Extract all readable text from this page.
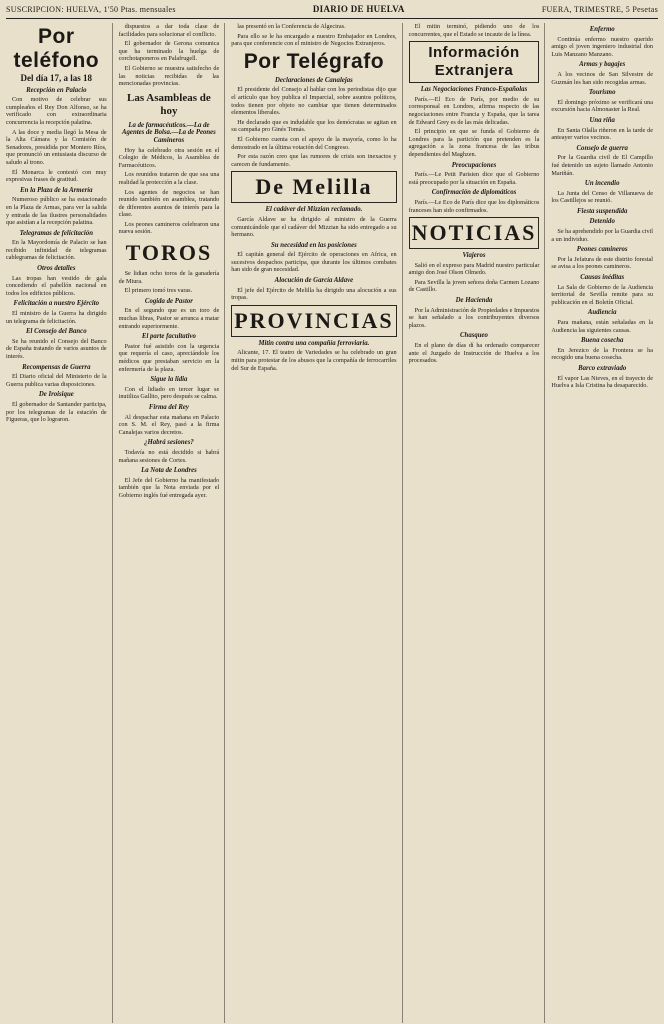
SUSCRIPCION: HUELVA, 1'50 Ptas. mensuales	DIARIO DE HUELVA	FUERA, TRIMESTRE, 5 Pesetas
Por teléfono
Del día 17, a las 18
Recepción en Palacio

Con motivo de celebrar sus cumpleaños el Rey Don Alfonso, se ha verificado con extraordinaria concurrencia la recepción palatina.

A las doce y media llegó la Mesa de la Alta Cámara y la Comisión de Senadores, presidida por Montero Ríos, que pronunció un entusiasta discurso de saludo al trono.

El Monarca le contestó con muy expresivas frases de gratitud.

En la Plaza de la Armería

Numeroso público se ha estacionado en la Plaza de Armas, para ver la salida y entrada de las ilustres personalidades que asistían a la recepción palatina.

Telegramas de felicitación

En la Mayordomía de Palacio se han recibido infinidad de telegramas cablegramas de felicitación.

Otros detalles

Las tropas han vestido de gala concediendo el pabellón nacional en todos los edificios públicos.

Felicitación a nuestro Ejército

El ministro de la Guerra ha dirigido un telegrama de felicitación.

El Consejo del Banco

Se ha reunido el Consejo del Banco de España tratando de varios asuntos de interés.

Recompensas de Guerra

El Diario oficial del Ministerio de la Guerra publica varias disposiciones.

De Iroisique

El gobernador de Santander participa, por los telegramas de la estación de Figueras, que lo lograron.

dispuestos a dar toda clase de facilidades para solucionar el conflicto.

El gobernador de Gerona comunica que ha terminado la huelga de corchotaponeros en Palafrugell.

El Gobierno se muestra satisfecho de las noticias recibidas de las mencionadas provincias.

Las Asambleas de hoy
La de farmacéuticos.—La de Agentes de Bolsa.—La de Peones Camineros

Hoy ha celebrado otra sesión en el Colegio de Médicos, la Asamblea de Farmacéuticos.

Los reunidos trataron de que sea una realidad la protección a la clase.

Los agentes de negocios se han reunido también en asamblea, tratando de diferentes asuntos de interés para la clase.

Los peones camineros celebraron una nueva sesión.

TOROS

Se lidian ocho toros de la ganadería de Miura.

El primero tomó tres varas.

Cogida de Pastor

En el segundo que es un toro de muchas libras, Pastor se arranca a matar entrando superiormente.

El parte facultativo

Pastor fué asistido con la urgencia que requería el caso, apreciándole los médicos que prestaban servicio en la enfermería de la plaza.

Sigue la lidia

Con el lidiado en tercer lugar se inutiliza Gallito, pero después se calma.

Firma del Rey

Al despachar esta mañana en Palacio con S. M. el Rey, pasó a la firma Canalejas varios decretos.

¿Habrá sesiones?

Todavía no está decidido si habrá mañana sesiones de Cortes.

La Nota de Londres

El Jefe del Gobierno ha manifestado también que la Nota enviada por el Gobierno inglés fué entregada ayer.

las presentó en la Conferencia de Algeciras.

Para ello se le ha encargado a nuestro Embajador en Londres, para que conferencie con el ministro de Negocios Extranjeros.

Por Telégrafo
Declaraciones de Canalejas

El presidente del Consejo al hablar con los periodistas dijo que el artículo que hoy publica el Imparcial, sobre asuntos políticos, todos tienen por objeto no cambiar que tienen determinados elementos liberales.

He declarado que es indudable que los demócratas se agitan en su campaña pro Ginés Tomás.

El Gobierno cuenta con el apoyo de la mayoría, como lo ha demostrado en la última votación del Congreso.

Por esta razón creo que las rumores de crisis son inexactos y carecen de fundamento.

De Melilla
El cadáver del Mizzian reclamado.

García Aldave se ha dirigido al ministro de la Guerra comunicándole que el cadáver del Mizzian ha sido entregado a su hermano.

Su necesidad en las posiciones

El capitán general del Ejército de operaciones en Africa, en sucesivos despachos participa, que durante los últimos combates han sido de gran necesidad.

Alocución de García Aldave

El jefe del Ejército de Melilla ha dirigido una alocución a sus tropas.

PROVINCIAS
Mitin contra una compañía ferroviaria.

Alicante, 17. El teatro de Variedades se ha celebrado un gran mitin para protestar de los abusos que la compañía de ferrocarriles del Sur de España.

El mitin terminó, pidiendo uno de los concurrentes, que el Estado se incaute de la línea.

Información Extranjera
Las Negociaciones Franco-Españolas

París.—El Eco de París, por medio de su corresponsal en Londres, afirma respecto de las negociaciones entre Francia y España, que la tarea de Edward Grey es de las más delicadas.

El principio en que se funda el Gobierno de Londres para la partición que pretenden es la agregación a la zona francesa de las tribus dependientes del Maghzen.

Preocupaciones

París.—Le Petit Parisien dice que el Gobierno está preocupado por la situación en España.

Confirmación de diplomáticos

París.—Le Eco de París dice que los diplomáticos franceses han sido confirmados.

NOTICIAS
Viajeros

Salió en el expreso para Madrid nuestro particular amigo don José Olson Olmedo.

Para Sevilla la joven señora doña Carmen Lozano de Castillo.

De Hacienda

Por la Administración de Propiedades e Impuestos se han señalado a los contribuyentes diversos plazos.

Chasqueo

En el plano de días dí ha ordenado comparecer ante el Juzgado de Instrucción de Huelva a los procesados.

Enfermo

Continúa enfermo nuestro querido amigo el joven ingeniero industrial don Luis Manzano Manzano.

Armas y bagajes

A los vecinos de San Silvestre de Guzmán les han sido recogidas armas.

Tourismo

El domingo próximo se verificará una excursión hacia Almonaster la Real.

Una riña

En Santa Olalla riñeron en la tarde de anteayer varios vecinos.

Consejo de guerra

Por la Guardia civil de El Campillo fué detenido un sujeto llamado Antonio Mariñán.

Un incendio

La Junta del Censo de Villanueva de los Castillejos se reunió.

Fiesta suspendida
Detenido

Se ha aprehendido por la Guardia civil a un individuo.

Peones camineros

Por la Jefatura de este distrito forestal se avisa a los peones camineros.

Causas inéditas

La Sala de Gobierno de la Audiencia territorial de Sevilla remite para su publicación en el Boletín Oficial.

Audiencia

Para mañana, están señaladas en la Audiencia las siguientes causas.

Buena cosecha

En Jerezico de la Frontera se ha recogido una buena cosecha.

Barco extraviado

El vapor Las Nieves, en el trayecto de Huelva a Isla Cristina ha desaparecido.
